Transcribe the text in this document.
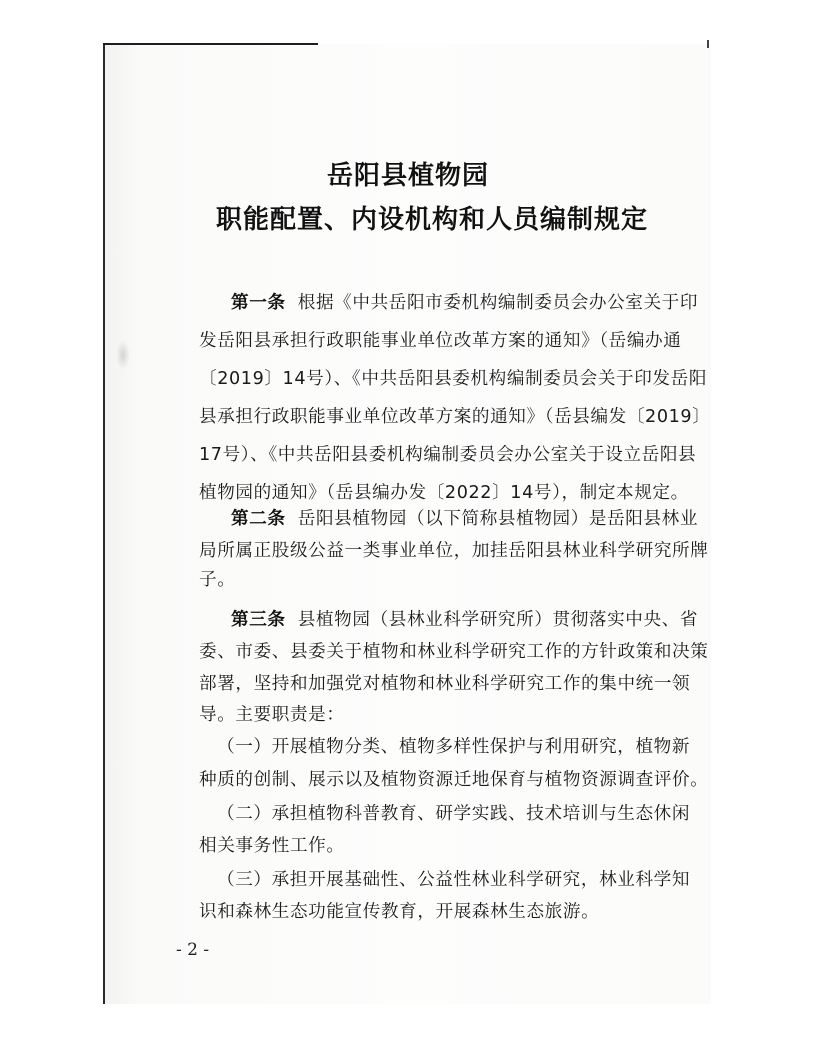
岳阳县植物园
职能配置、内设机构和人员编制规定
第一条 根据《中共岳阳市委机构编制委员会办公室关于印
发岳阳县承担行政职能事业单位改革方案的通知》（岳编办通
〔2019〕14号）、《中共岳阳县委机构编制委员会关于印发岳阳
县承担行政职能事业单位改革方案的通知》（岳县编发〔2019〕
17号）、《中共岳阳县委机构编制委员会办公室关于设立岳阳县
植物园的通知》（岳县编办发〔2022〕14号），制定本规定。
第二条 岳阳县植物园（以下简称县植物园）是岳阳县林业
局所属正股级公益一类事业单位，加挂岳阳县林业科学研究所牌
子。
第三条 县植物园（县林业科学研究所）贯彻落实中央、省
委、市委、县委关于植物和林业科学研究工作的方针政策和决策
部署，坚持和加强党对植物和林业科学研究工作的集中统一领
导。主要职责是：
（一）开展植物分类、植物多样性保护与利用研究，植物新
种质的创制、展示以及植物资源迁地保育与植物资源调查评价。
（二）承担植物科普教育、研学实践、技术培训与生态休闲
相关事务性工作。
（三）承担开展基础性、公益性林业科学研究，林业科学知
识和森林生态功能宣传教育，开展森林生态旅游。
- 2 -
